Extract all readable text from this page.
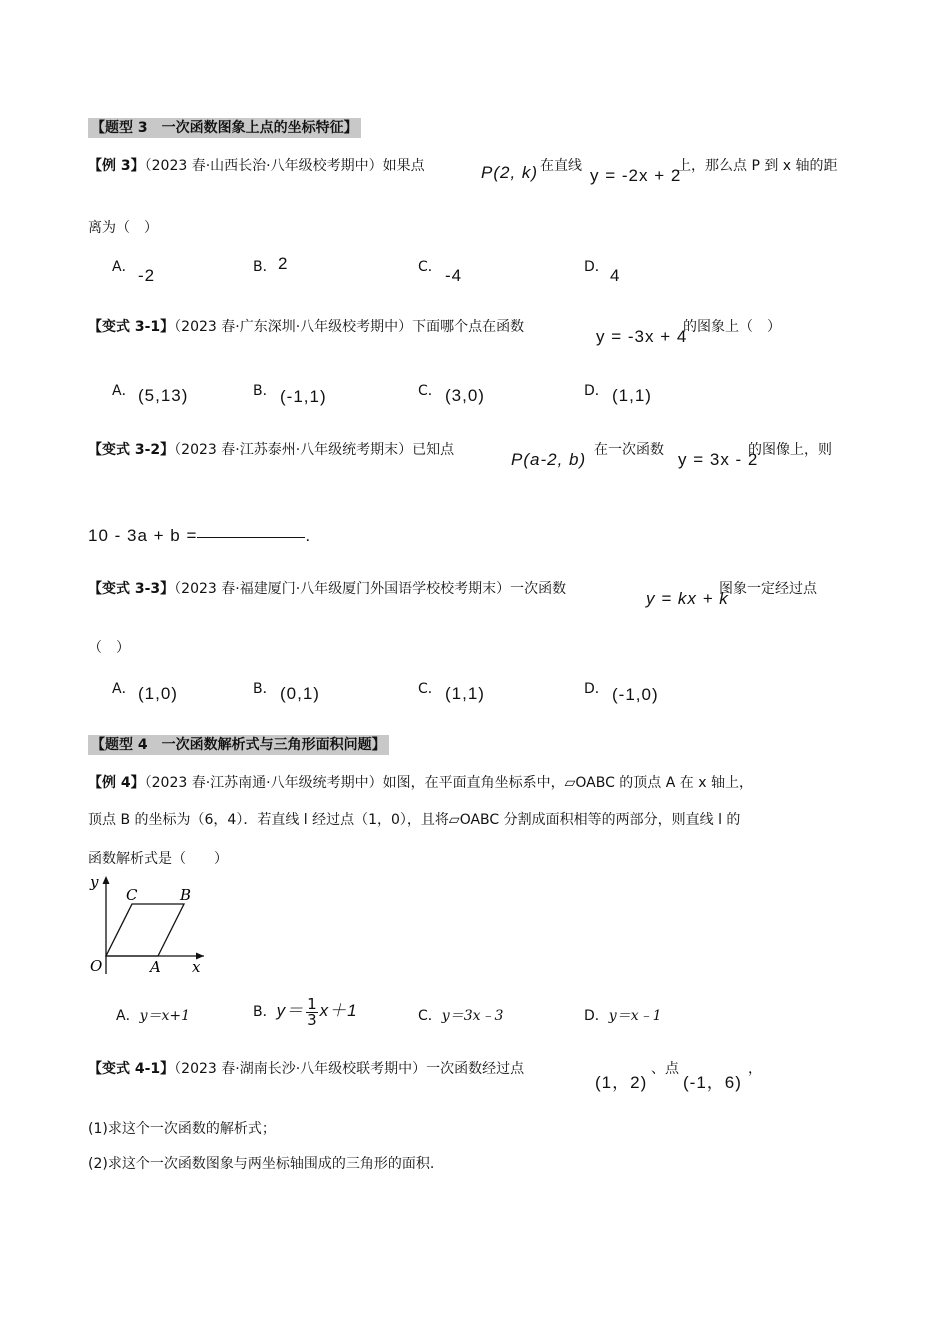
【题型 3　一次函数图象上点的坐标特征】
【例 3】（2023 春·山西长治·八年级校考期中）如果点	P(2, k) 在直线 y = -2x + 2
上，那么点 P 到 x 轴的距
离为（　）
A． -2	B． 2	C． -4	D． 4
【变式 3-1】（2023 春·广东深圳·八年级校考期中）下面哪个点在函数	y = -3x + 4
的图象上（　）
A． (5,13)	B． (-1,1)	C． (3,0)	D． (1,1)
【变式 3-2】（2023 春·江苏泰州·八年级统考期末）已知点	P(a-2, b) 在一次函数 y = 3x - 2
的图像上，则
10 - 3a + b =	.
【变式 3-3】（2023 春·福建厦门·八年级厦门外国语学校校考期末）一次函数	y = kx + k
图象一定经过点
（　）
A． (1,0)	B． (0,1)	C． (1,1)	D． (-1,0)
【题型 4　一次函数解析式与三角形面积问题】
【例 4】（2023 春·江苏南通·八年级统考期中）如图，在平面直角坐标系中，▱OABC 的顶点 A 在 x 轴上，
顶点 B 的坐标为（6，4）．若直线 l 经过点（1，0），且将▱OABC 分割成面积相等的两部分，则直线 l 的
函数解析式是（　　）
y
C	B
O	A x
A．y＝x+1	B．$y= \frac{1}{3} x+1$	C．y＝3x﹣3	D．y＝x﹣1
【变式 4-1】（2023 春·湖南长沙·八年级校联考期中）一次函数经过点
(1，2)
、点
(-1，6)
，
(1)求这个一次函数的解析式；
(2)求这个一次函数图象与两坐标轴围成的三角形的面积.
